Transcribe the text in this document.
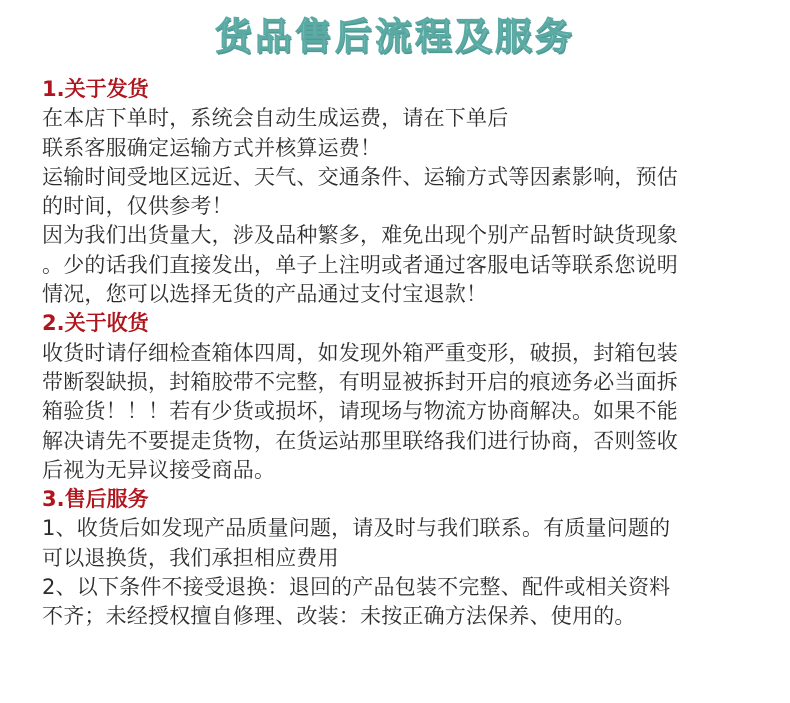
货品售后流程及服务

1.关于发货

在本店下单时，系统会自动生成运费，请在下单后

联系客服确定运输方式并核算运费！

运输时间受地区远近、天气、交通条件、运输方式等因素影响，预估

的时间，仅供参考！

因为我们出货量大，涉及品种繁多，难免出现个别产品暂时缺货现象

。少的话我们直接发出，单子上注明或者通过客服电话等联系您说明

情况，您可以选择无货的产品通过支付宝退款！

2.关于收货

收货时请仔细检查箱体四周，如发现外箱严重变形，破损，封箱包装

带断裂缺损，封箱胶带不完整，有明显被拆封开启的痕迹务必当面拆

箱验货！！！若有少货或损坏，请现场与物流方协商解决。如果不能

解决请先不要提走货物，在货运站那里联络我们进行协商，否则签收

后视为无异议接受商品。

3.售后服务

1、收货后如发现产品质量问题，请及时与我们联系。有质量问题的

可以退换货，我们承担相应费用

2、以下条件不接受退换：退回的产品包装不完整、配件或相关资料

不齐；未经授权擅自修理、改装：未按正确方法保养、使用的。
